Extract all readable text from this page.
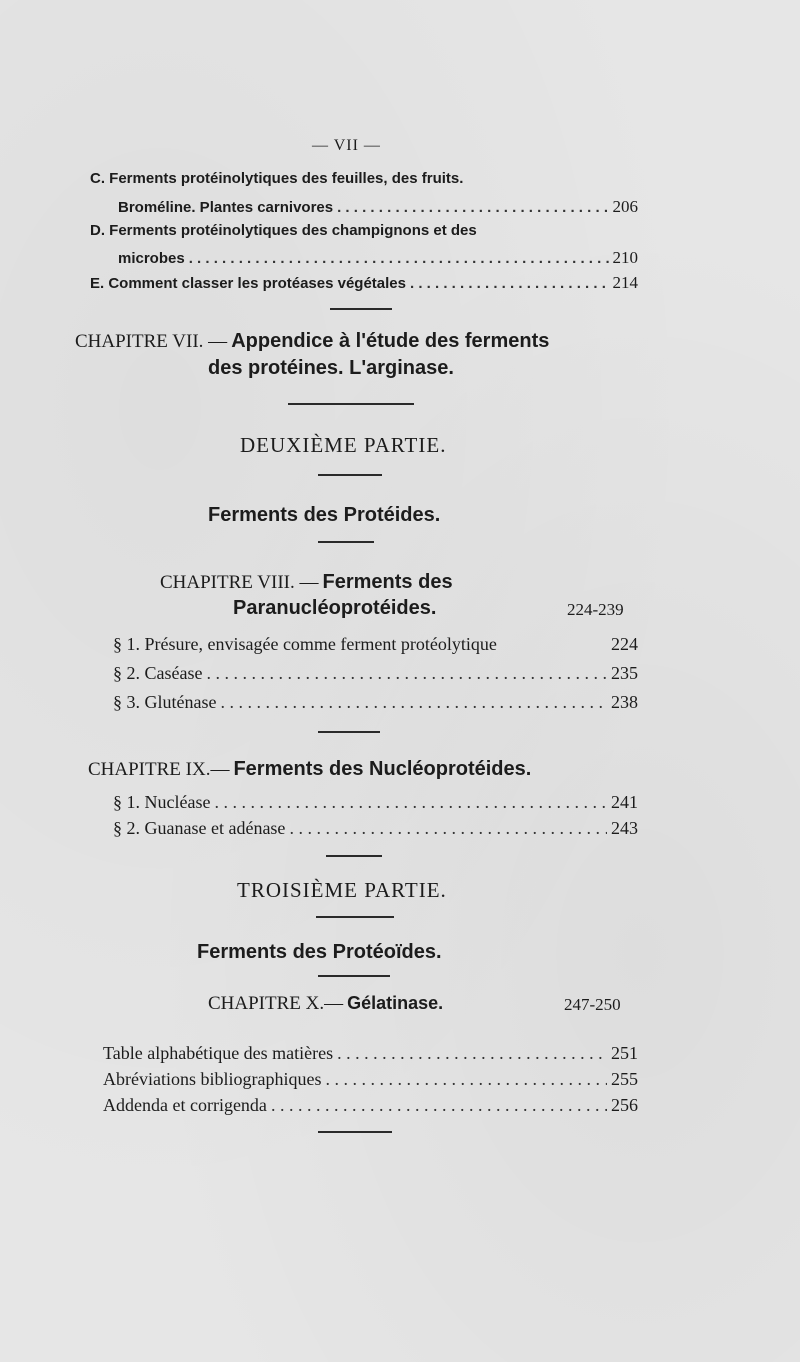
— VII —
C. Ferments protéinolytiques des feuilles, des fruits.
Broméline. Plantes carnivores . . .	206
D. Ferments protéinolytiques des champignons et des
microbes . . .	210
E. Comment classer les protéases végétales . . .	214
CHAPITRE VII. — Appendice à l'étude des ferments
des protéines. L'arginase.
DEUXIÈME PARTIE.
Ferments des Protéides.
CHAPITRE VIII. — Ferments des
Paranucléoprotéides.	224-239
§ 1. Présure, envisagée comme ferment protéolytique	224
§ 2. Caséase . . .	235
§ 3. Gluténase . . .	238
CHAPITRE IX.— Ferments des Nucléoprotéides.
§ 1. Nucléase . . .	241
§ 2. Guanase et adénase . . .	243
TROISIÈME PARTIE.
Ferments des Protéoïdes.
CHAPITRE X.— Gélatinase.	247-250
Table alphabétique des matières . . .	251
Abréviations bibliographiques . . .	255
Addenda et corrigenda . . .	256
